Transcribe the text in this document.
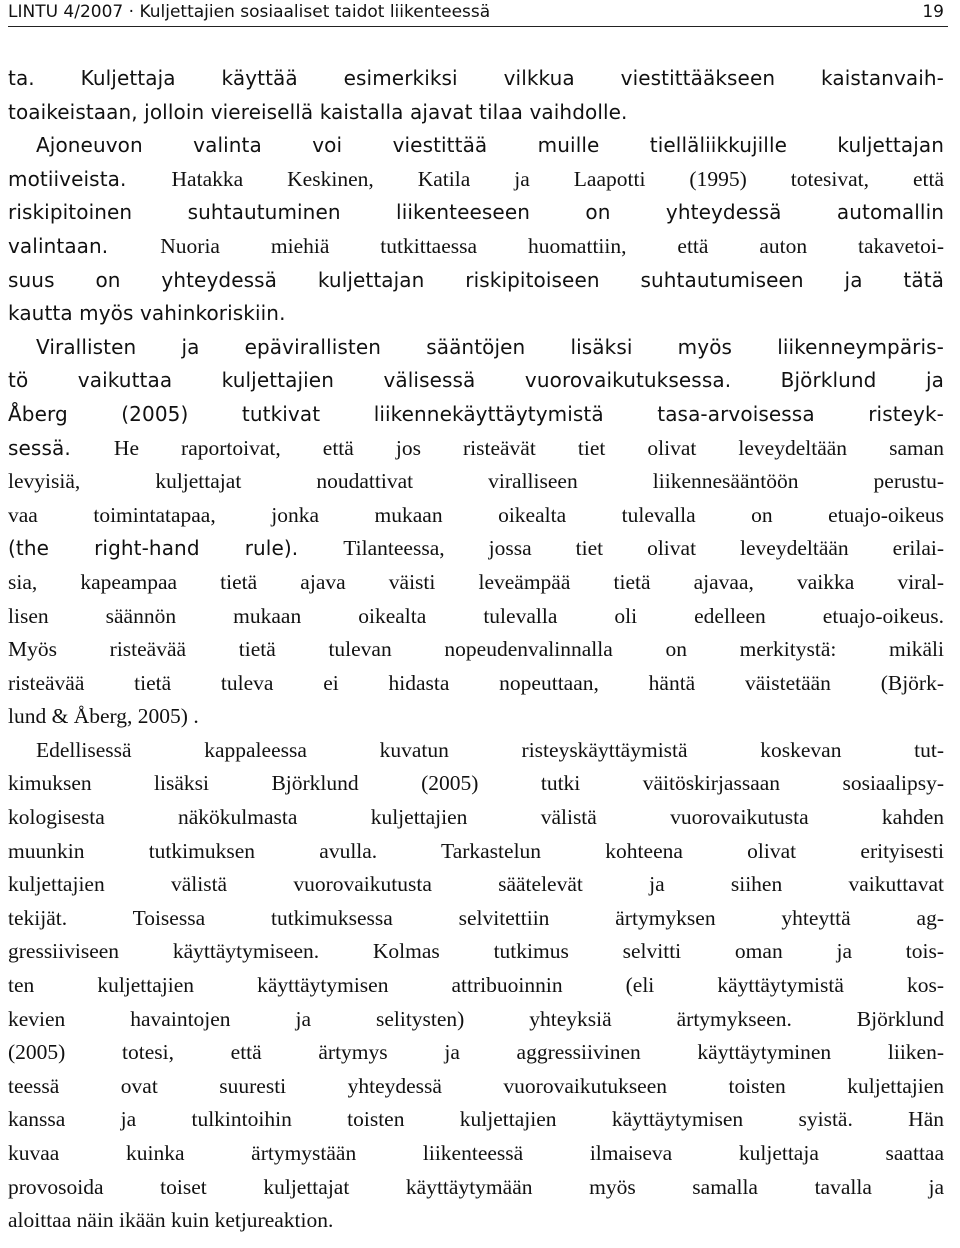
LINTU 4/2007 · Kuljettajien sosiaaliset taidot liikenteessä	19
ta. Kuljettaja käyttää esimerkiksi vilkkua viestittääkseen kaistanvaih-
toaikeistaan, jolloin viereisellä kaistalla ajavat tilaa vaihdolle.
Ajoneuvon valinta voi viestittää muille tielläliikkujille kuljettajan
motiiveista. Hatakka Keskinen, Katila ja Laapotti (1995) totesivat, että
riskipitoinen suhtautuminen liikenteeseen on yhteydessä automallin
valintaan. Nuoria miehiä tutkittaessa huomattiin, että auton takavetoi-
suus on yhteydessä kuljettajan riskipitoiseen suhtautumiseen ja tätä
kautta myös vahinkoriskiin.
Virallisten ja epävirallisten sääntöjen lisäksi myös liikenneympäris-
tö vaikuttaa kuljettajien välisessä vuorovaikutuksessa. Björklund ja
Åberg (2005) tutkivat liikennekäyttäytymistä tasa-arvoisessa risteyk-
sessä. He raportoivat, että jos risteävät tiet olivat leveydeltään saman
levyisiä, kuljettajat noudattivat viralliseen liikennesääntöön perustu-
vaa toimintatapaa, jonka mukaan oikealta tulevalla on etuajo-oikeus
(the right-hand rule). Tilanteessa, jossa tiet olivat leveydeltään erilai-
sia, kapeampaa tietä ajava väisti leveämpää tietä ajavaa, vaikka viral-
lisen säännön mukaan oikealta tulevalla oli edelleen etuajo-oikeus.
Myös risteävää tietä tulevan nopeudenvalinnalla on merkitystä: mikäli
risteävää tietä tuleva ei hidasta nopeuttaan, häntä väistetään (Björk-
lund & Åberg, 2005) .
Edellisessä kappaleessa kuvatun risteyskäyttäymistä koskevan tut-
kimuksen lisäksi Björklund (2005) tutki väitöskirjassaan sosiaalipsy-
kologisesta näkökulmasta kuljettajien välistä vuorovaikutusta kahden
muunkin tutkimuksen avulla. Tarkastelun kohteena olivat erityisesti
kuljettajien välistä vuorovaikutusta säätelevät ja siihen vaikuttavat
tekijät. Toisessa tutkimuksessa selvitettiin ärtymyksen yhteyttä ag-
gressiiviseen käyttäytymiseen. Kolmas tutkimus selvitti oman ja tois-
ten kuljettajien käyttäytymisen attribuoinnin (eli käyttäytymistä kos-
kevien havaintojen ja selitysten) yhteyksiä ärtymykseen. Björklund
(2005) totesi, että ärtymys ja aggressiivinen käyttäytyminen liiken-
teessä ovat suuresti yhteydessä vuorovaikutukseen toisten kuljettajien
kanssa ja tulkintoihin toisten kuljettajien käyttäytymisen syistä. Hän
kuvaa kuinka ärtymystään liikenteessä ilmaiseva kuljettaja saattaa
provosoida toiset kuljettajat käyttäytymään myös samalla tavalla ja
aloittaa näin ikään kuin ketjureaktion.
